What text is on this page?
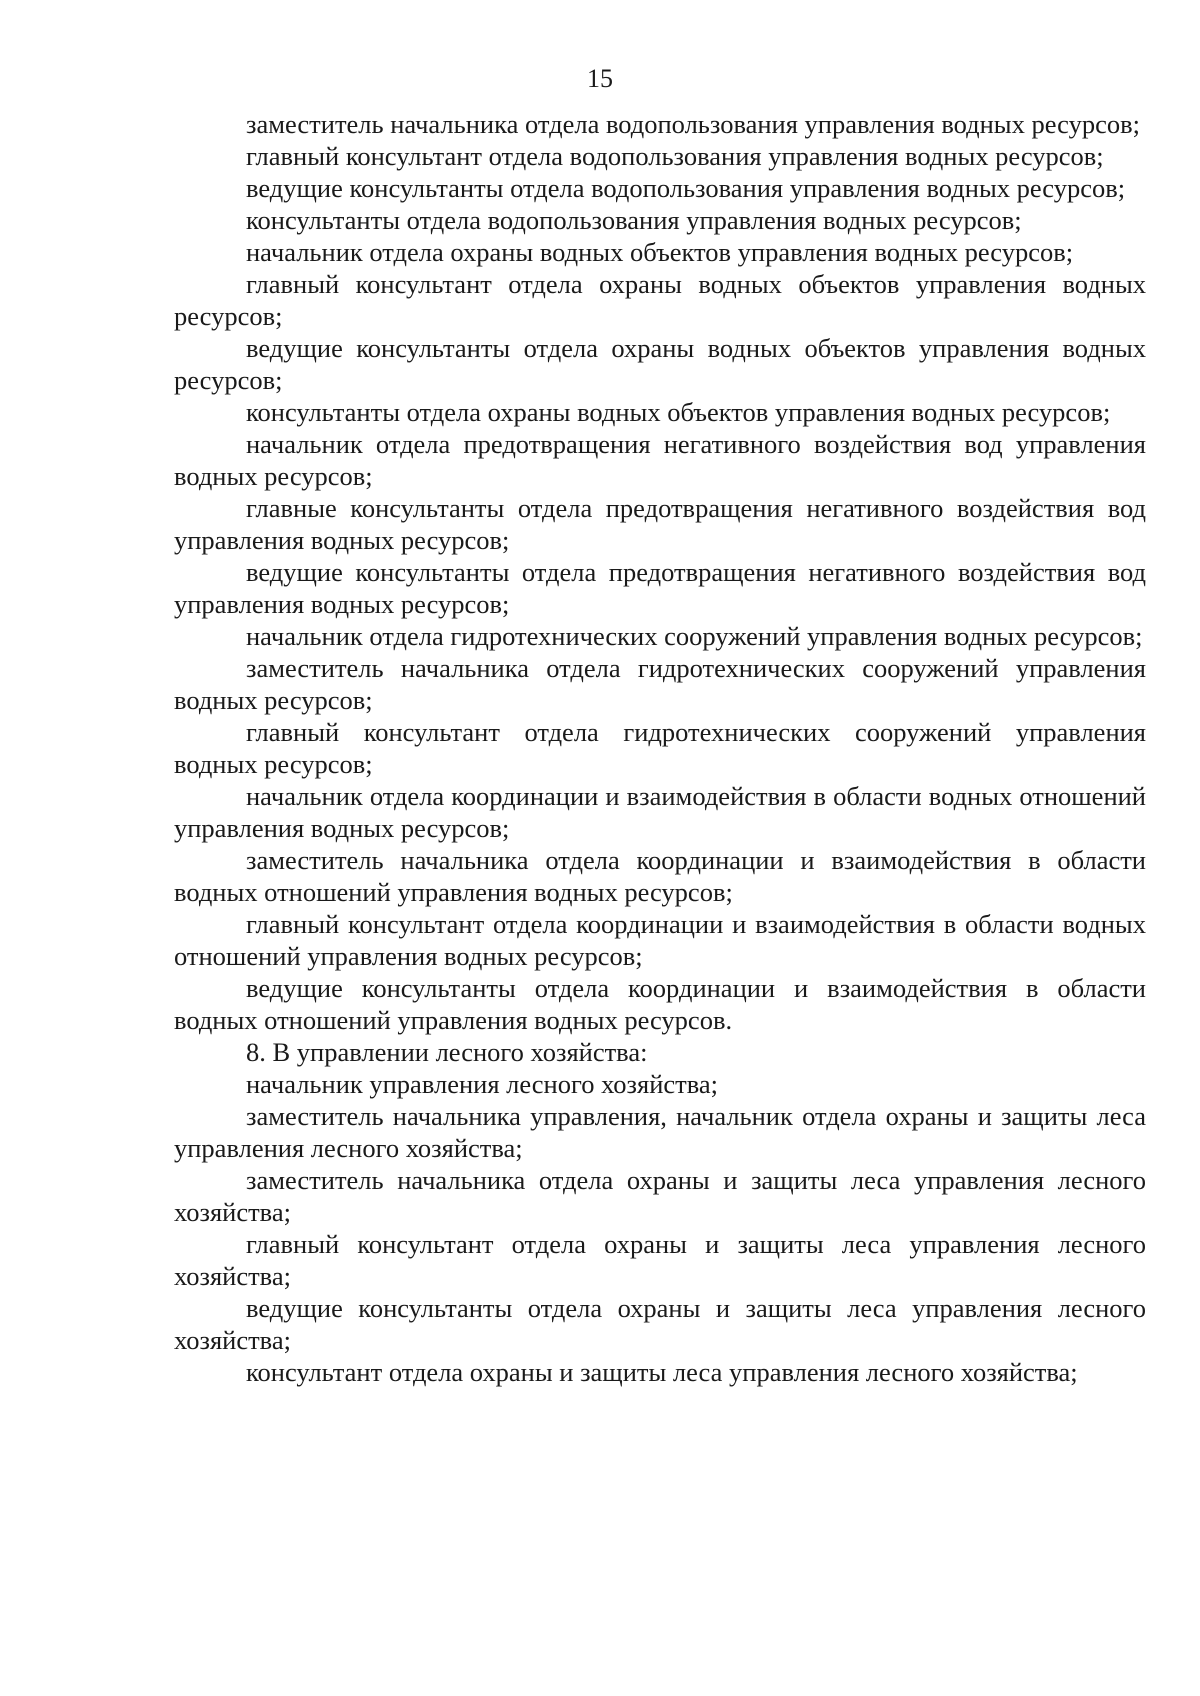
15

заместитель начальника отдела водопользования управления водных ресурсов;

главный консультант отдела водопользования управления водных ресурсов;

ведущие консультанты отдела водопользования управления водных ресурсов;

консультанты отдела водопользования управления водных ресурсов;

начальник отдела охраны водных объектов управления водных ресурсов;

главный консультант отдела охраны водных объектов управления водных ресурсов;

ведущие консультанты отдела охраны водных объектов управления водных ресурсов;

консультанты отдела охраны водных объектов управления водных ресурсов;

начальник отдела предотвращения негативного воздействия вод управления водных ресурсов;

главные консультанты отдела предотвращения негативного воздействия вод управления водных ресурсов;

ведущие консультанты отдела предотвращения негативного воздействия вод управления водных ресурсов;

начальник отдела гидротехнических сооружений управления водных ресурсов;

заместитель начальника отдела гидротехнических сооружений управления водных ресурсов;

главный консультант отдела гидротехнических сооружений управления водных ресурсов;

начальник отдела координации и взаимодействия в области водных отношений управления водных ресурсов;

заместитель начальника отдела координации и взаимодействия в области водных отношений управления водных ресурсов;

главный консультант отдела координации и взаимодействия в области водных отношений управления водных ресурсов;

ведущие консультанты отдела координации и взаимодействия в области водных отношений управления водных ресурсов.

8. В управлении лесного хозяйства:

начальник управления лесного хозяйства;

заместитель начальника управления, начальник отдела охраны и защиты леса управления лесного хозяйства;

заместитель начальника отдела охраны и защиты леса управления лесного хозяйства;

главный консультант отдела охраны и защиты леса управления лесного хозяйства;

ведущие консультанты отдела охраны и защиты леса управления лесного хозяйства;

консультант отдела охраны и защиты леса управления лесного хозяйства;
